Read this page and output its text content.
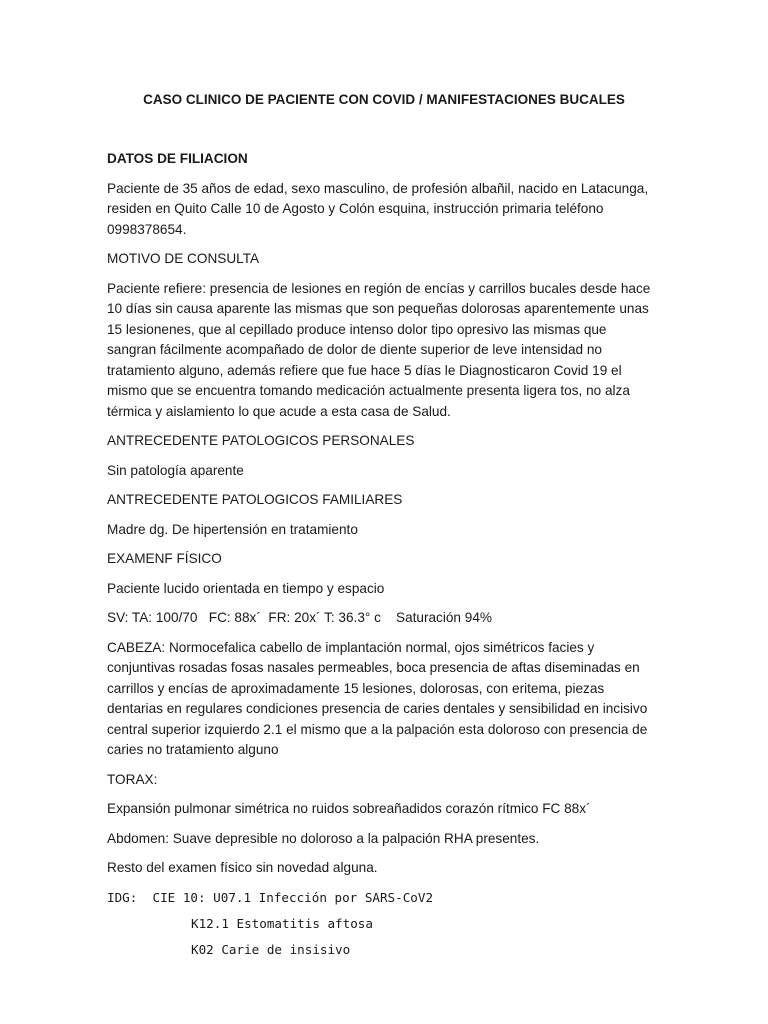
CASO CLINICO DE PACIENTE CON COVID / MANIFESTACIONES BUCALES

DATOS DE FILIACION

Paciente de 35 años de edad, sexo masculino, de profesión albañil, nacido en Latacunga, residen en Quito Calle 10 de Agosto y Colón esquina, instrucción primaria teléfono 0998378654.

MOTIVO DE CONSULTA

Paciente refiere: presencia de lesiones en región de encías y carrillos bucales desde hace 10 días sin causa aparente las mismas que son pequeñas dolorosas aparentemente unas 15 lesionenes, que al cepillado produce intenso dolor tipo opresivo las mismas que sangran fácilmente acompañado de dolor de diente superior de leve intensidad no tratamiento alguno, además refiere que fue hace 5 días le Diagnosticaron Covid 19 el mismo que se encuentra tomando medicación actualmente presenta ligera tos, no alza térmica y aislamiento lo que acude a esta casa de Salud.

ANTRECEDENTE PATOLOGICOS PERSONALES

Sin patología aparente

ANTRECEDENTE PATOLOGICOS FAMILIARES

Madre dg. De hipertensión en tratamiento

EXAMENF FÍSICO

Paciente lucido orientada en tiempo y espacio

SV: TA: 100/70   FC: 88x´  FR: 20x´ T: 36.3° c    Saturación 94%

CABEZA: Normocefalica cabello de implantación normal, ojos simétricos facies y conjuntivas rosadas fosas nasales permeables, boca presencia de aftas diseminadas en carrillos y encías de aproximadamente 15 lesiones, dolorosas, con eritema, piezas dentarias en regulares condiciones presencia de caries dentales y sensibilidad en incisivo central superior izquierdo 2.1 el mismo que a la palpación esta doloroso con presencia de caries no tratamiento alguno

TORAX:

Expansión pulmonar simétrica no ruidos sobreañadidos corazón rítmico FC 88x´

Abdomen: Suave depresible no doloroso a la palpación RHA presentes.

Resto del examen físico sin novedad alguna.

IDG:  CIE 10: U07.1 Infección por SARS-CoV2
K12.1 Estomatitis aftosa
K02 Carie de insisivo
